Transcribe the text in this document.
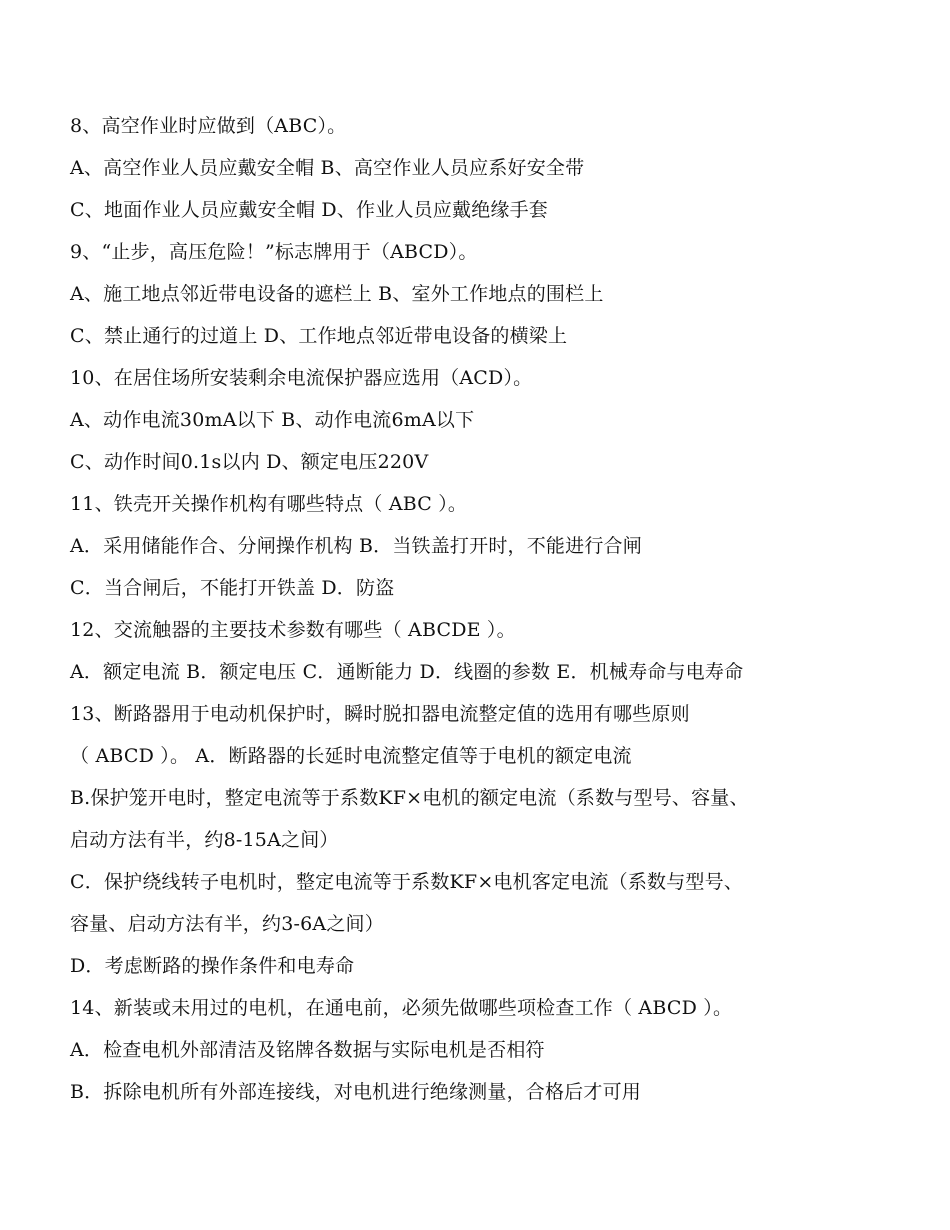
8、高空作业时应做到（ABC）。
A、高空作业人员应戴安全帽 B、高空作业人员应系好安全带
C、地面作业人员应戴安全帽 D、作业人员应戴绝缘手套
9、“止步，高压危险！”标志牌用于（ABCD）。
A、施工地点邻近带电设备的遮栏上 B、室外工作地点的围栏上
C、禁止通行的过道上 D、工作地点邻近带电设备的横梁上
10、在居住场所安装剩余电流保护器应选用（ACD）。
A、动作电流30mA以下 B、动作电流6mA以下
C、动作时间0.1s以内 D、额定电压220V
11、铁壳开关操作机构有哪些特点（ ABC ）。
A．采用储能作合、分闸操作机构 B．当铁盖打开时，不能进行合闸
C．当合闸后，不能打开铁盖 D．防盗
12、交流触器的主要技术参数有哪些（ ABCDE ）。
A．额定电流 B．额定电压 C．通断能力 D．线圈的参数 E．机械寿命与电寿命
13、断路器用于电动机保护时，瞬时脱扣器电流整定值的选用有哪些原则
（ ABCD ）。 A．断路器的长延时电流整定值等于电机的额定电流
B.保护笼开电时，整定电流等于系数KF×电机的额定电流（系数与型号、容量、
启动方法有半，约8-15A之间）
C．保护绕线转子电机时，整定电流等于系数KF×电机客定电流（系数与型号、
容量、启动方法有半，约3-6A之间）
D．考虑断路的操作条件和电寿命
14、新装或未用过的电机，在通电前，必须先做哪些项检查工作（ ABCD ）。
A．检查电机外部清洁及铭牌各数据与实际电机是否相符
B．拆除电机所有外部连接线，对电机进行绝缘测量，合格后才可用
